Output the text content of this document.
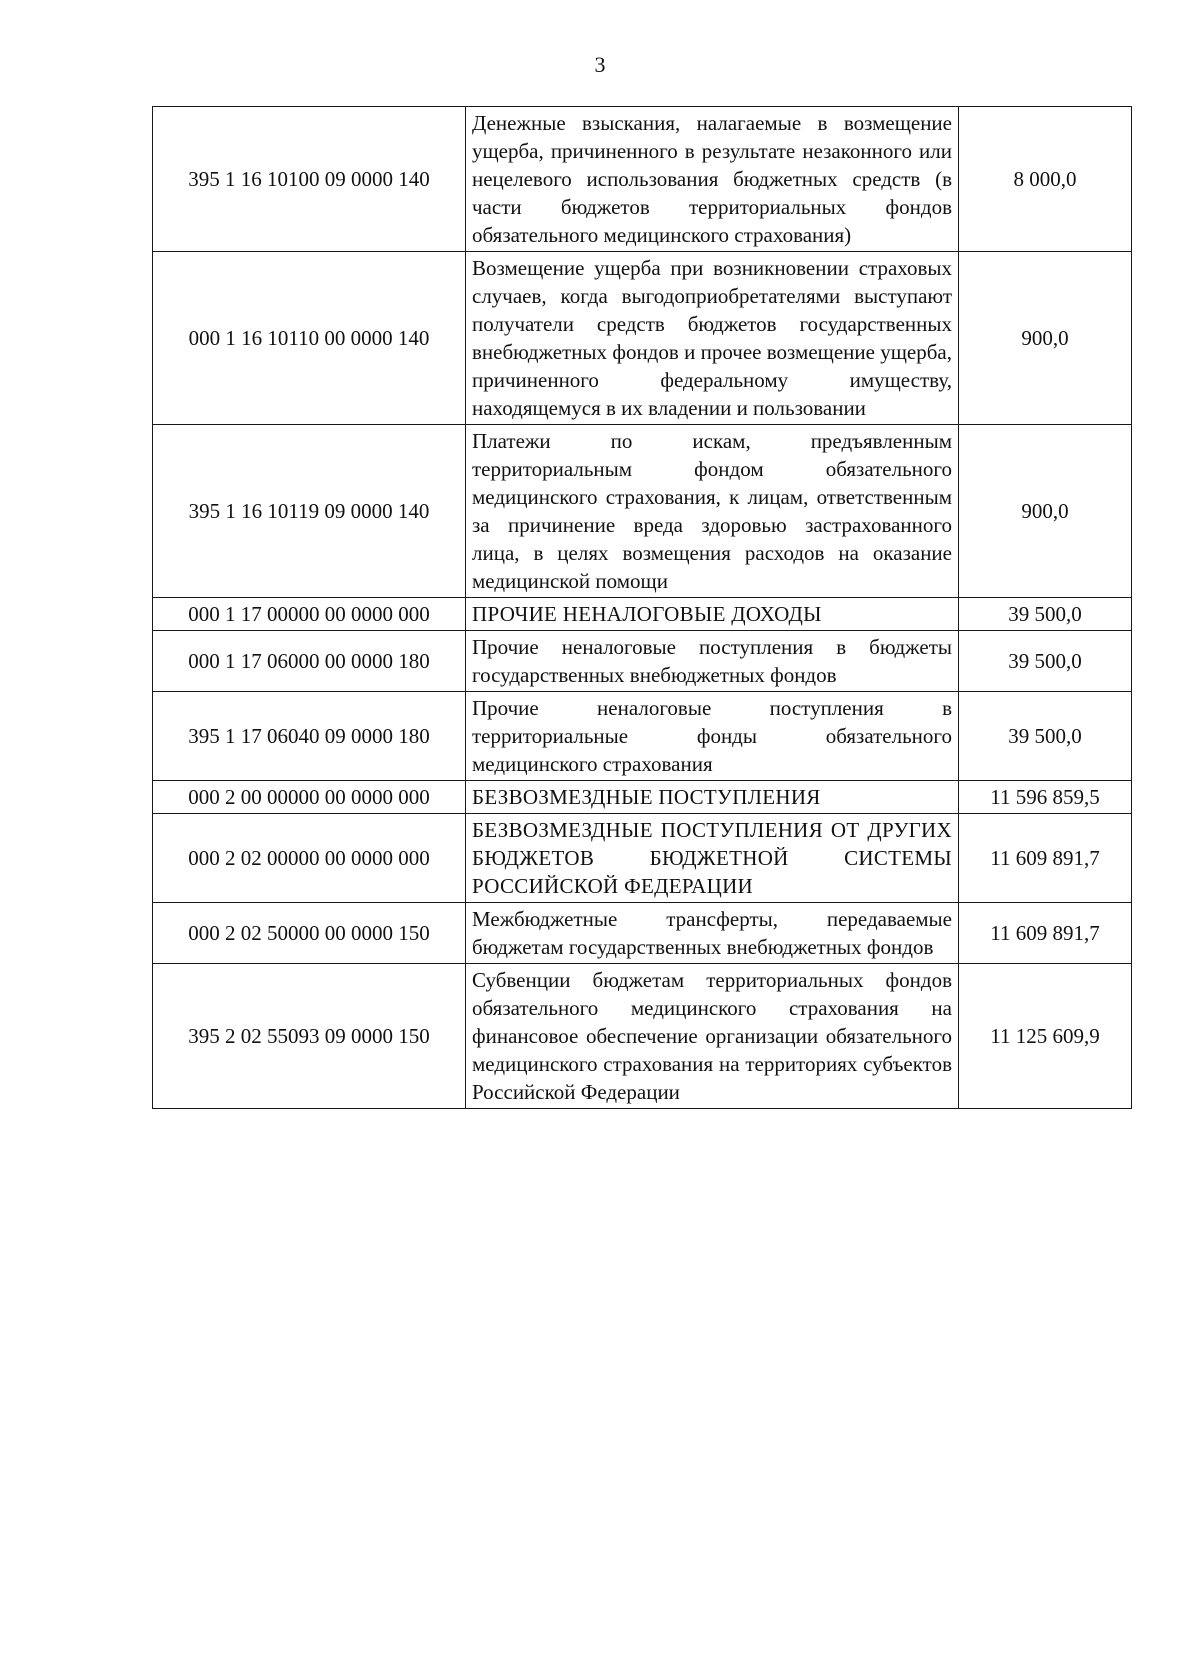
3
395 1 16 10100 09 0000 140	Денежные взыскания, налагаемые в возмещение ущерба, причиненного в результате незаконного или нецелевого использования бюджетных средств (в части бюджетов территориальных фондов обязательного медицинского страхования)	8 000,0
000 1 16 10110 00 0000 140	Возмещение ущерба при возникновении страховых случаев, когда выгодоприобретателями выступают получатели средств бюджетов государственных внебюджетных фондов и прочее возмещение ущерба, причиненного федеральному имуществу, находящемуся в их владении и пользовании	900,0
395 1 16 10119 09 0000 140	Платежи по искам, предъявленным территориальным фондом обязательного медицинского страхования, к лицам, ответственным за причинение вреда здоровью застрахованного лица, в целях возмещения расходов на оказание медицинской помощи	900,0
000 1 17 00000 00 0000 000	ПРОЧИЕ НЕНАЛОГОВЫЕ ДОХОДЫ	39 500,0
000 1 17 06000 00 0000 180	Прочие неналоговые поступления в бюджеты государственных внебюджетных фондов	39 500,0
395 1 17 06040 09 0000 180	Прочие неналоговые поступления в территориальные фонды обязательного медицинского страхования	39 500,0
000 2 00 00000 00 0000 000	БЕЗВОЗМЕЗДНЫЕ ПОСТУПЛЕНИЯ	11 596 859,5
000 2 02 00000 00 0000 000	БЕЗВОЗМЕЗДНЫЕ ПОСТУПЛЕНИЯ ОТ ДРУГИХ БЮДЖЕТОВ БЮДЖЕТНОЙ СИСТЕМЫ РОССИЙСКОЙ ФЕДЕРАЦИИ	11 609 891,7
000 2 02 50000 00 0000 150	Межбюджетные трансферты, передаваемые бюджетам государственных внебюджетных фондов	11 609 891,7
395 2 02 55093 09 0000 150	Субвенции бюджетам территориальных фондов обязательного медицинского страхования на финансовое обеспечение организации обязательного медицинского страхования на территориях субъектов Российской Федерации	11 125 609,9
